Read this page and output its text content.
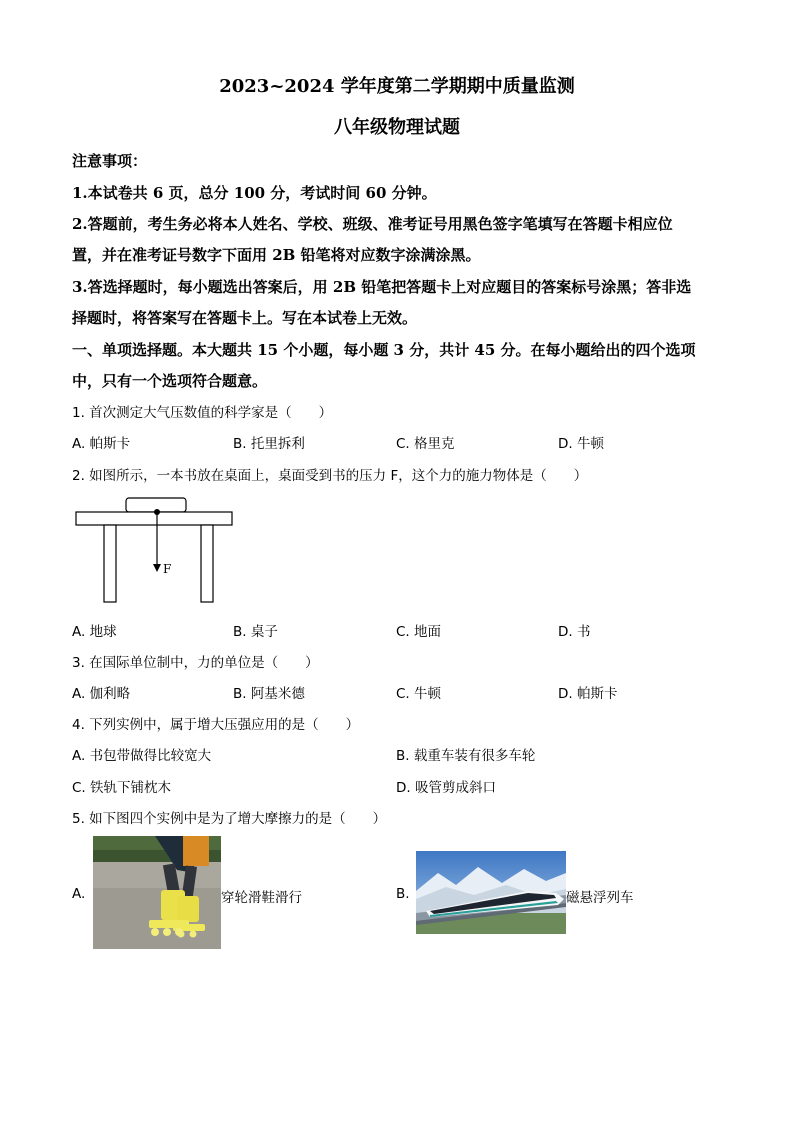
2023~2024 学年度第二学期期中质量监测
八年级物理试题
注意事项：
1.本试卷共 6 页，总分 100 分，考试时间 60 分钟。
2.答题前，考生务必将本人姓名、学校、班级、准考证号用黑色签字笔填写在答题卡相应位
置，并在准考证号数字下面用 2B 铅笔将对应数字涂满涂黑。
3.答选择题时，每小题选出答案后，用 2B 铅笔把答题卡上对应题目的答案标号涂黑；答非选
择题时，将答案写在答题卡上。写在本试卷上无效。
一、单项选择题。本大题共 15 个小题，每小题 3 分，共计 45 分。在每小题给出的四个选项
中，只有一个选项符合题意。
1. 首次测定大气压数值的科学家是（　　）
A. 帕斯卡	B. 托里拆利	C. 格里克	D. 牛顿
2. 如图所示，一本书放在桌面上，桌面受到书的压力 F，这个力的施力物体是（　　）
F
A. 地球	B. 桌子	C. 地面	D. 书
3. 在国际单位制中，力的单位是（　　）
A. 伽利略	B. 阿基米德	C. 牛顿	D. 帕斯卡
4. 下列实例中，属于增大压强应用的是（　　）
A. 书包带做得比较宽大	B. 载重车装有很多车轮
C. 铁轨下铺枕木	D. 吸管剪成斜口
5. 如下图四个实例中是为了增大摩擦力的是（　　）
A.	穿轮滑鞋滑行	B.	磁悬浮列车
